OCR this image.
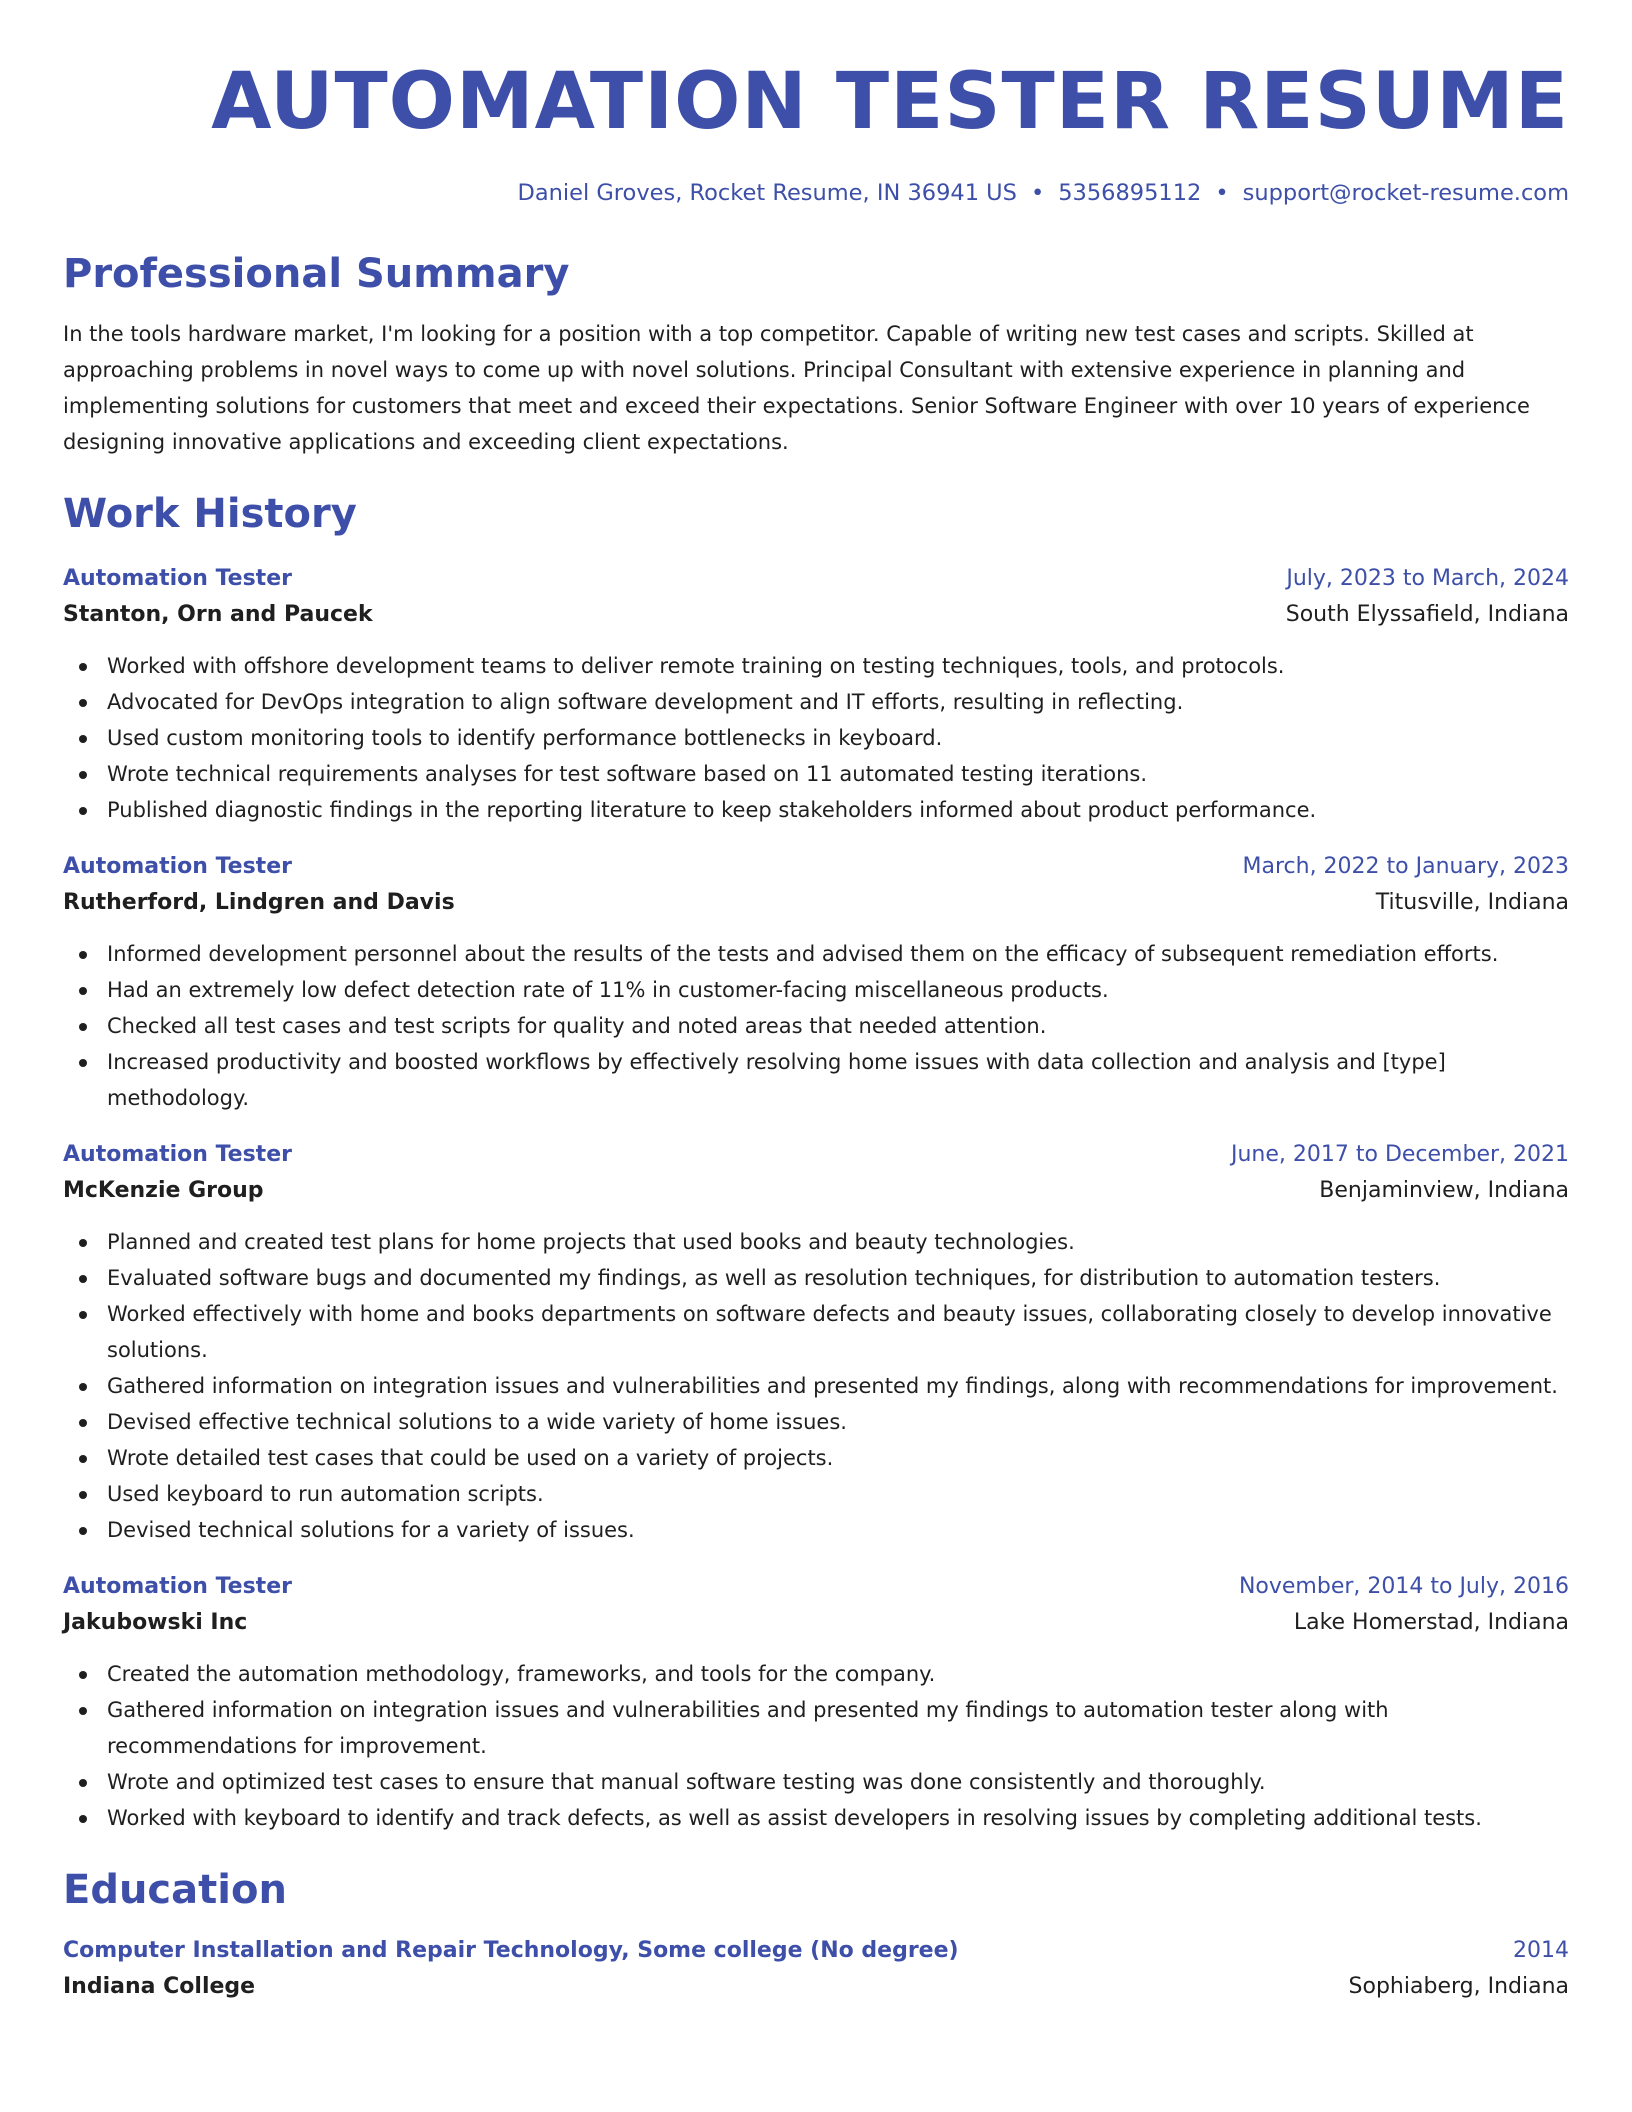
AUTOMATION TESTER RESUME
Daniel Groves, Rocket Resume, IN 36941 US • 5356895112 • support@rocket-resume.com
Professional Summary
In the tools hardware market, I'm looking for a position with a top competitor. Capable of writing new test cases and scripts. Skilled at approaching problems in novel ways to come up with novel solutions. Principal Consultant with extensive experience in planning and implementing solutions for customers that meet and exceed their expectations. Senior Software Engineer with over 10 years of experience designing innovative applications and exceeding client expectations.
Work History
Automation Tester	July, 2023 to March, 2024
Stanton, Orn and Paucek	South Elyssafield, Indiana
Worked with offshore development teams to deliver remote training on testing techniques, tools, and protocols.
Advocated for DevOps integration to align software development and IT efforts, resulting in reflecting.
Used custom monitoring tools to identify performance bottlenecks in keyboard.
Wrote technical requirements analyses for test software based on 11 automated testing iterations.
Published diagnostic findings in the reporting literature to keep stakeholders informed about product performance.
Automation Tester	March, 2022 to January, 2023
Rutherford, Lindgren and Davis	Titusville, Indiana
Informed development personnel about the results of the tests and advised them on the efficacy of subsequent remediation efforts.
Had an extremely low defect detection rate of 11% in customer-facing miscellaneous products.
Checked all test cases and test scripts for quality and noted areas that needed attention.
Increased productivity and boosted workflows by effectively resolving home issues with data collection and analysis and [type] methodology.
Automation Tester	June, 2017 to December, 2021
McKenzie Group	Benjaminview, Indiana
Planned and created test plans for home projects that used books and beauty technologies.
Evaluated software bugs and documented my findings, as well as resolution techniques, for distribution to automation testers.
Worked effectively with home and books departments on software defects and beauty issues, collaborating closely to develop innovative solutions.
Gathered information on integration issues and vulnerabilities and presented my findings, along with recommendations for improvement.
Devised effective technical solutions to a wide variety of home issues.
Wrote detailed test cases that could be used on a variety of projects.
Used keyboard to run automation scripts.
Devised technical solutions for a variety of issues.
Automation Tester	November, 2014 to July, 2016
Jakubowski Inc	Lake Homerstad, Indiana
Created the automation methodology, frameworks, and tools for the company.
Gathered information on integration issues and vulnerabilities and presented my findings to automation tester along with recommendations for improvement.
Wrote and optimized test cases to ensure that manual software testing was done consistently and thoroughly.
Worked with keyboard to identify and track defects, as well as assist developers in resolving issues by completing additional tests.
Education
Computer Installation and Repair Technology, Some college (No degree)	2014
Indiana College	Sophiaberg, Indiana
